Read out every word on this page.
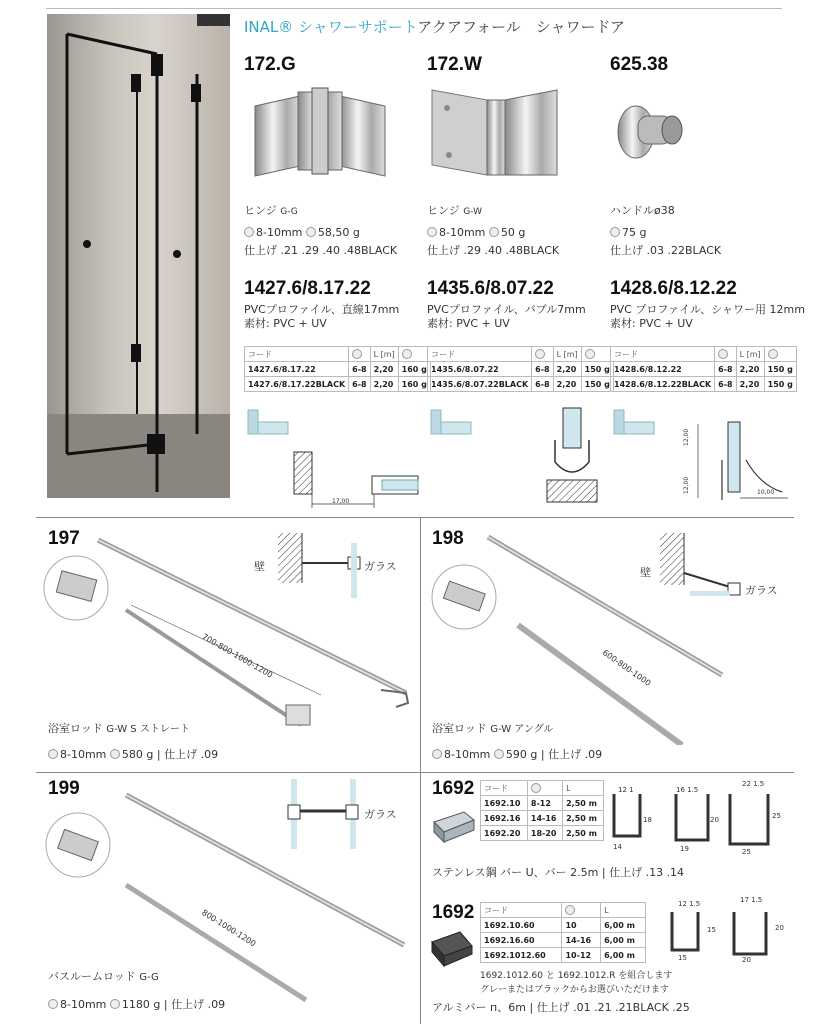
INAL® シャワーサポートアクアフォール　シャワードア
172.G	172.W	625.38
ヒンジ G-G
8-10mm 58,50 g
仕上げ .21 .29 .40 .48BLACK
ヒンジ G-W
8-10mm 50 g
仕上げ .29 .40 .48BLACK
ハンドルø38
75 g
仕上げ .03 .22BLACK
1427.6/8.17.22	1435.6/8.07.22	1428.6/8.12.22
PVCプロファイル、直線17mm
素材: PVC + UV
PVCプロファイル、バブル7mm
素材: PVC + UV
PVC プロファイル、シャワー用 12mm
素材: PVC + UV
コード		L [m]	
1427.6/8.17.22	6-8	2,20	160 g
1427.6/8.17.22BLACK	6-8	2,20	160 g
コード		L [m]	
1435.6/8.07.22	6-8	2,20	150 g
1435.6/8.07.22BLACK	6-8	2,20	150 g
コード		L [m]	
1428.6/8.12.22	6-8	2,20	150 g
1428.6/8.12.22BLACK	6-8	2,20	150 g
17,00
12,00
12,00	10,00
197
壁	ガラス
700-800-1000-1200
浴室ロッド G-W S ストレート
8-10mm 580 g | 仕上げ .09
198
壁
ガラス
600-800-1000
浴室ロッド G-W アングル
8-10mm 590 g | 仕上げ .09
199
ガラス
800-1000-1200
バスルームロッド G-G
8-10mm 1180 g | 仕上げ .09
1692 コード		L
1692.10	8-12	2,50 m
1692.16	14-16	2,50 m
1692.20	18-20	2,50 m
12 1
14
18
16 1.5
19
20
22 1.5
25
25
ステンレス鋼 バー U、バー 2.5m | 仕上げ .13 .14
1692 コード		L
1692.10.60	10	6,00 m
1692.16.60	14-16	6,00 m
1692.1012.60	10-12	6,00 m
12 1.5
15
15
17 1.5
20
20
1692.1012.60 と 1692.1012.R を組合します
グレーまたはブラックからお選びいただけます
アルミバー п、6m | 仕上げ .01 .21 .21BLACK .25
